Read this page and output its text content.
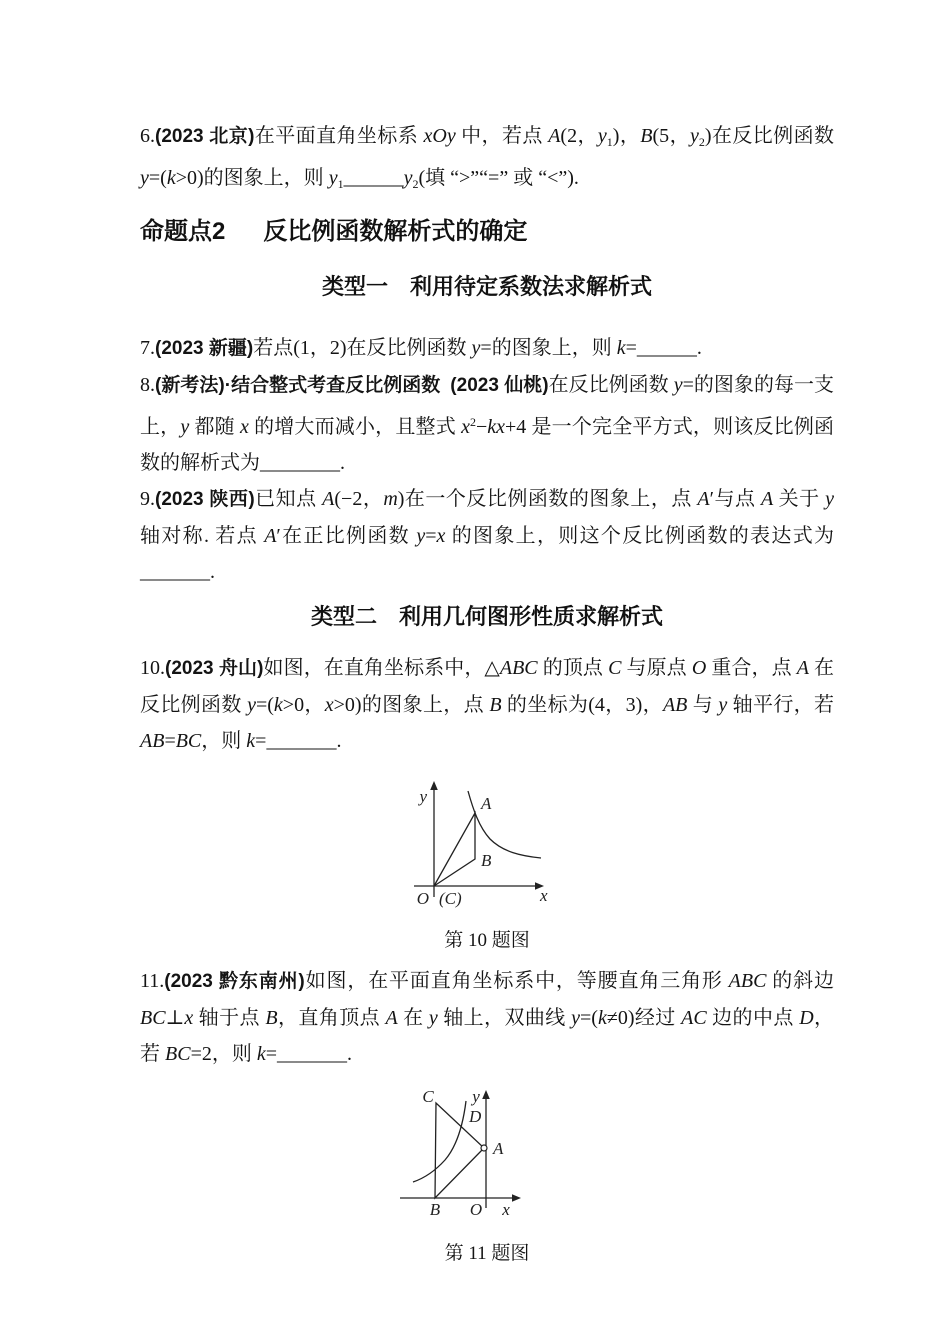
6.(2023 北京)在平面直角坐标系 xOy 中，若点 A(2，$y_1$)，B(5，$y_2$)在反比例函数 y=(k>0)的图象上，则 $y_1\_\_\_\_\_\_y_2$(填 “>”“=” 或 “<”).

命题点2 反比例函数解析式的确定
类型一　利用待定系数法求解析式

7.(2023 新疆)若点(1，2)在反比例函数 y=的图象上，则 k=______.

8.(新考法)·结合整式考查反比例函数  (2023 仙桃)在反比例函数 y=的图象的每一支上，y 都随 x 的增大而减小，且整式 $x^2-kx+4$ 是一个完全平方式，则该反比例函数的解析式为________.

9.(2023 陕西)已知点 A(−2，m)在一个反比例函数的图象上，点 A′与点 A 关于 y 轴对称. 若点 A′在正比例函数 y=x 的图象上，则这个反比例函数的表达式为_______.

类型二　利用几何图形性质求解析式

10.(2023 舟山)如图，在直角坐标系中，△ABC 的顶点 C 与原点 O 重合，点 A 在反比例函数 y=(k>0，x>0)的图象上，点 B 的坐标为(4，3)，AB 与 y 轴平行，若 AB=BC，则 k=_______.

y
x
O (C)
A
B

第 10 题图

11.(2023 黔东南州)如图，在平面直角坐标系中，等腰直角三角形 ABC 的斜边 BC⊥x 轴于点 B，直角顶点 A 在 y 轴上，双曲线 y=(k≠0)经过 AC 边的中点 D，若 BC=2，则 k=_______.

C y
D
A
B O x

第 11 题图
